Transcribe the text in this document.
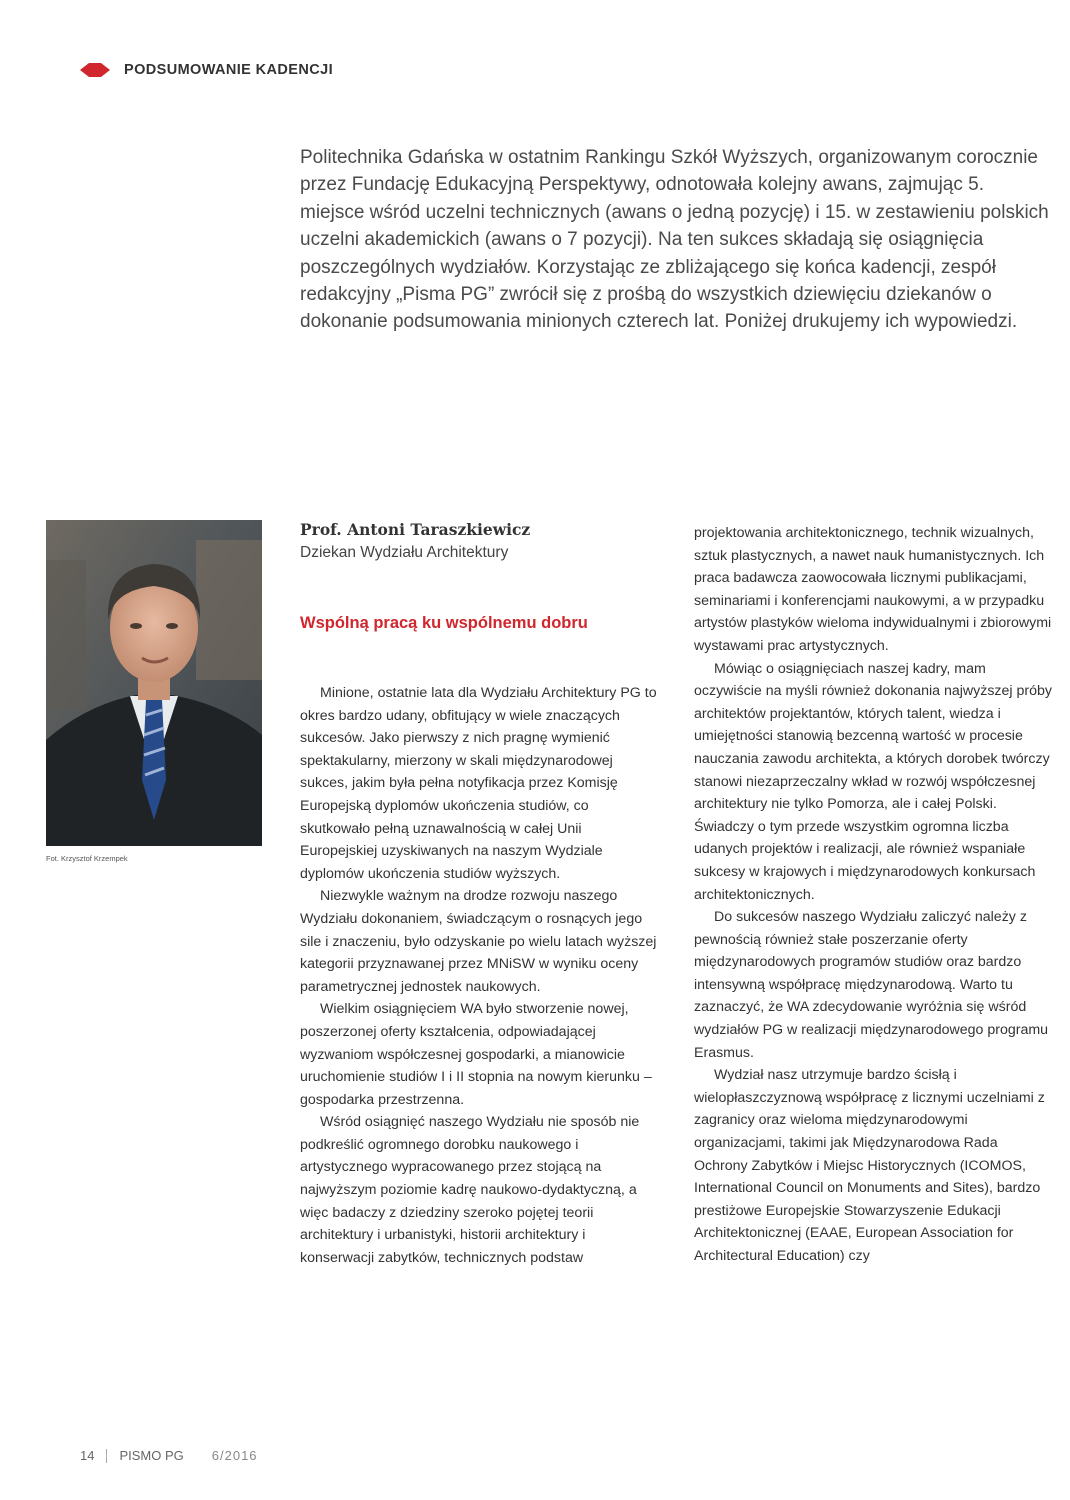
PODSUMOWANIE KADENCJI

Politechnika Gdańska w ostatnim Rankingu Szkół Wyższych, organizowanym corocznie przez Fundację Edukacyjną Perspektywy, odnotowała kolejny awans, zajmując 5. miejsce wśród uczelni technicznych (awans o jedną pozycję) i 15. w zestawieniu polskich uczelni akademickich (awans o 7 pozycji). Na ten sukces składają się osiągnięcia poszczególnych wydziałów. Korzystając ze zbliżającego się końca kadencji, zespół redakcyjny „Pisma PG” zwrócił się z prośbą do wszystkich dziewięciu dziekanów o dokonanie podsumowania minionych czterech lat. Poniżej drukujemy ich wypowiedzi.

Fot. Krzysztof Krzempek
Prof. Antoni Taraszkiewicz
Dziekan Wydziału Architektury
Wspólną pracą ku wspólnemu dobru

Minione, ostatnie lata dla Wydziału Architektury PG to okres bardzo udany, obfitujący w wiele znaczących sukcesów. Jako pierwszy z nich pragnę wymienić spektakularny, mierzony w skali międzynarodowej sukces, jakim była pełna notyfikacja przez Komisję Europejską dyplomów ukończenia studiów, co skutkowało pełną uznawalnością w całej Unii Europejskiej uzyskiwanych na naszym Wydziale dyplomów ukończenia studiów wyższych.

Niezwykle ważnym na drodze rozwoju naszego Wydziału dokonaniem, świadczącym o rosnących jego sile i znaczeniu, było odzyskanie po wielu latach wyższej kategorii przyznawanej przez MNiSW w wyniku oceny parametrycznej jednostek naukowych.

Wielkim osiągnięciem WA było stworzenie nowej, poszerzonej oferty kształcenia, odpowiadającej wyzwaniom współczesnej gospodarki, a mianowicie uruchomienie studiów I i II stopnia na nowym kierunku – gospodarka przestrzenna.

Wśród osiągnięć naszego Wydziału nie sposób nie podkreślić ogromnego dorobku naukowego i artystycznego wypracowanego przez stojącą na najwyższym poziomie kadrę naukowo-dydaktyczną, a więc badaczy z dziedziny szeroko pojętej teorii architektury i urbanistyki, historii architektury i konserwacji zabytków, technicznych podstaw

projektowania architektonicznego, technik wizualnych, sztuk plastycznych, a nawet nauk humanistycznych. Ich praca badawcza zaowocowała licznymi publikacjami, seminariami i konferencjami naukowymi, a w przypadku artystów plastyków wieloma indywidualnymi i zbiorowymi wystawami prac artystycznych.

Mówiąc o osiągnięciach naszej kadry, mam oczywiście na myśli również dokonania najwyższej próby architektów projektantów, których talent, wiedza i umiejętności stanowią bezcenną wartość w procesie nauczania zawodu architekta, a których dorobek twórczy stanowi niezaprzeczalny wkład w rozwój współczesnej architektury nie tylko Pomorza, ale i całej Polski. Świadczy o tym przede wszystkim ogromna liczba udanych projektów i realizacji, ale również wspaniałe sukcesy w krajowych i międzynarodowych konkursach architektonicznych.

Do sukcesów naszego Wydziału zaliczyć należy z pewnością również stałe poszerzanie oferty międzynarodowych programów studiów oraz bardzo intensywną współpracę międzynarodową. Warto tu zaznaczyć, że WA zdecydowanie wyróżnia się wśród wydziałów PG w realizacji międzynarodowego programu Erasmus.

Wydział nasz utrzymuje bardzo ścisłą i wielopłaszczyznową współpracę z licznymi uczelniami z zagranicy oraz wieloma międzynarodowymi organizacjami, takimi jak Międzynarodowa Rada Ochrony Zabytków i Miejsc Historycznych (ICOMOS, International Council on Monuments and Sites), bardzo prestiżowe Europejskie Stowarzyszenie Edukacji Architektonicznej (EAAE, European Association for Architectural Education) czy

14 PISMO PG 6/2016
